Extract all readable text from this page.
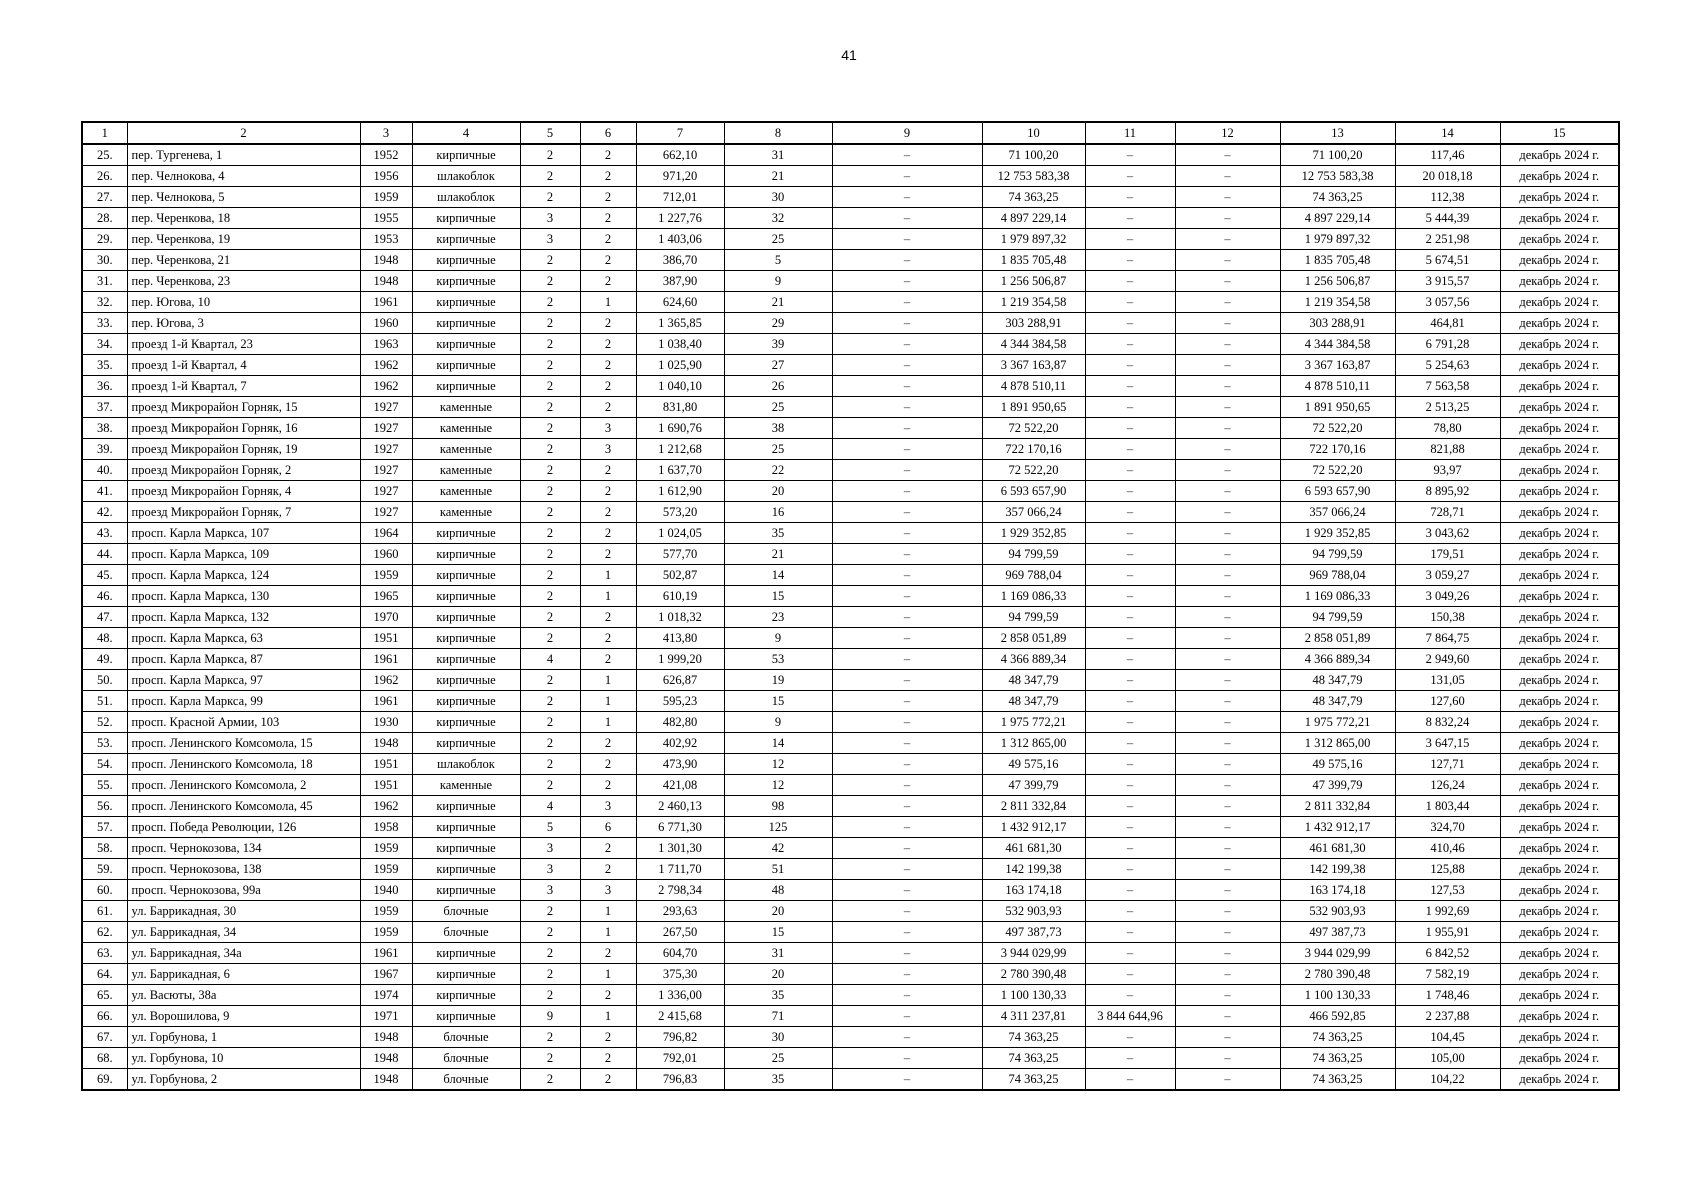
41
1	2	3	4	5	6	7	8	9	10	11	12	13	14	15
25.	пер. Тургенева, 1	1952	кирпичные	2	2	662,10	31	–	71 100,20	–	–	71 100,20	117,46	декабрь 2024 г.
26.	пер. Челнокова, 4	1956	шлакоблок	2	2	971,20	21	–	12 753 583,38	–	–	12 753 583,38	20 018,18	декабрь 2024 г.
27.	пер. Челнокова, 5	1959	шлакоблок	2	2	712,01	30	–	74 363,25	–	–	74 363,25	112,38	декабрь 2024 г.
28.	пер. Черенкова, 18	1955	кирпичные	3	2	1 227,76	32	–	4 897 229,14	–	–	4 897 229,14	5 444,39	декабрь 2024 г.
29.	пер. Черенкова, 19	1953	кирпичные	3	2	1 403,06	25	–	1 979 897,32	–	–	1 979 897,32	2 251,98	декабрь 2024 г.
30.	пер. Черенкова, 21	1948	кирпичные	2	2	386,70	5	–	1 835 705,48	–	–	1 835 705,48	5 674,51	декабрь 2024 г.
31.	пер. Черенкова, 23	1948	кирпичные	2	2	387,90	9	–	1 256 506,87	–	–	1 256 506,87	3 915,57	декабрь 2024 г.
32.	пер. Югова, 10	1961	кирпичные	2	1	624,60	21	–	1 219 354,58	–	–	1 219 354,58	3 057,56	декабрь 2024 г.
33.	пер. Югова, 3	1960	кирпичные	2	2	1 365,85	29	–	303 288,91	–	–	303 288,91	464,81	декабрь 2024 г.
34.	проезд 1-й Квартал, 23	1963	кирпичные	2	2	1 038,40	39	–	4 344 384,58	–	–	4 344 384,58	6 791,28	декабрь 2024 г.
35.	проезд 1-й Квартал, 4	1962	кирпичные	2	2	1 025,90	27	–	3 367 163,87	–	–	3 367 163,87	5 254,63	декабрь 2024 г.
36.	проезд 1-й Квартал, 7	1962	кирпичные	2	2	1 040,10	26	–	4 878 510,11	–	–	4 878 510,11	7 563,58	декабрь 2024 г.
37.	проезд Микрорайон Горняк, 15	1927	каменные	2	2	831,80	25	–	1 891 950,65	–	–	1 891 950,65	2 513,25	декабрь 2024 г.
38.	проезд Микрорайон Горняк, 16	1927	каменные	2	3	1 690,76	38	–	72 522,20	–	–	72 522,20	78,80	декабрь 2024 г.
39.	проезд Микрорайон Горняк, 19	1927	каменные	2	3	1 212,68	25	–	722 170,16	–	–	722 170,16	821,88	декабрь 2024 г.
40.	проезд Микрорайон Горняк, 2	1927	каменные	2	2	1 637,70	22	–	72 522,20	–	–	72 522,20	93,97	декабрь 2024 г.
41.	проезд Микрорайон Горняк, 4	1927	каменные	2	2	1 612,90	20	–	6 593 657,90	–	–	6 593 657,90	8 895,92	декабрь 2024 г.
42.	проезд Микрорайон Горняк, 7	1927	каменные	2	2	573,20	16	–	357 066,24	–	–	357 066,24	728,71	декабрь 2024 г.
43.	просп. Карла Маркса, 107	1964	кирпичные	2	2	1 024,05	35	–	1 929 352,85	–	–	1 929 352,85	3 043,62	декабрь 2024 г.
44.	просп. Карла Маркса, 109	1960	кирпичные	2	2	577,70	21	–	94 799,59	–	–	94 799,59	179,51	декабрь 2024 г.
45.	просп. Карла Маркса, 124	1959	кирпичные	2	1	502,87	14	–	969 788,04	–	–	969 788,04	3 059,27	декабрь 2024 г.
46.	просп. Карла Маркса, 130	1965	кирпичные	2	1	610,19	15	–	1 169 086,33	–	–	1 169 086,33	3 049,26	декабрь 2024 г.
47.	просп. Карла Маркса, 132	1970	кирпичные	2	2	1 018,32	23	–	94 799,59	–	–	94 799,59	150,38	декабрь 2024 г.
48.	просп. Карла Маркса, 63	1951	кирпичные	2	2	413,80	9	–	2 858 051,89	–	–	2 858 051,89	7 864,75	декабрь 2024 г.
49.	просп. Карла Маркса, 87	1961	кирпичные	4	2	1 999,20	53	–	4 366 889,34	–	–	4 366 889,34	2 949,60	декабрь 2024 г.
50.	просп. Карла Маркса, 97	1962	кирпичные	2	1	626,87	19	–	48 347,79	–	–	48 347,79	131,05	декабрь 2024 г.
51.	просп. Карла Маркса, 99	1961	кирпичные	2	1	595,23	15	–	48 347,79	–	–	48 347,79	127,60	декабрь 2024 г.
52.	просп. Красной Армии, 103	1930	кирпичные	2	1	482,80	9	–	1 975 772,21	–	–	1 975 772,21	8 832,24	декабрь 2024 г.
53.	просп. Ленинского Комсомола, 15	1948	кирпичные	2	2	402,92	14	–	1 312 865,00	–	–	1 312 865,00	3 647,15	декабрь 2024 г.
54.	просп. Ленинского Комсомола, 18	1951	шлакоблок	2	2	473,90	12	–	49 575,16	–	–	49 575,16	127,71	декабрь 2024 г.
55.	просп. Ленинского Комсомола, 2	1951	каменные	2	2	421,08	12	–	47 399,79	–	–	47 399,79	126,24	декабрь 2024 г.
56.	просп. Ленинского Комсомола, 45	1962	кирпичные	4	3	2 460,13	98	–	2 811 332,84	–	–	2 811 332,84	1 803,44	декабрь 2024 г.
57.	просп. Победа Революции, 126	1958	кирпичные	5	6	6 771,30	125	–	1 432 912,17	–	–	1 432 912,17	324,70	декабрь 2024 г.
58.	просп. Чернокозова, 134	1959	кирпичные	3	2	1 301,30	42	–	461 681,30	–	–	461 681,30	410,46	декабрь 2024 г.
59.	просп. Чернокозова, 138	1959	кирпичные	3	2	1 711,70	51	–	142 199,38	–	–	142 199,38	125,88	декабрь 2024 г.
60.	просп. Чернокозова, 99а	1940	кирпичные	3	3	2 798,34	48	–	163 174,18	–	–	163 174,18	127,53	декабрь 2024 г.
61.	ул. Баррикадная, 30	1959	блочные	2	1	293,63	20	–	532 903,93	–	–	532 903,93	1 992,69	декабрь 2024 г.
62.	ул. Баррикадная, 34	1959	блочные	2	1	267,50	15	–	497 387,73	–	–	497 387,73	1 955,91	декабрь 2024 г.
63.	ул. Баррикадная, 34а	1961	кирпичные	2	2	604,70	31	–	3 944 029,99	–	–	3 944 029,99	6 842,52	декабрь 2024 г.
64.	ул. Баррикадная, 6	1967	кирпичные	2	1	375,30	20	–	2 780 390,48	–	–	2 780 390,48	7 582,19	декабрь 2024 г.
65.	ул. Васюты, 38а	1974	кирпичные	2	2	1 336,00	35	–	1 100 130,33	–	–	1 100 130,33	1 748,46	декабрь 2024 г.
66.	ул. Ворошилова, 9	1971	кирпичные	9	1	2 415,68	71	–	4 311 237,81	3 844 644,96	–	466 592,85	2 237,88	декабрь 2024 г.
67.	ул. Горбунова, 1	1948	блочные	2	2	796,82	30	–	74 363,25	–	–	74 363,25	104,45	декабрь 2024 г.
68.	ул. Горбунова, 10	1948	блочные	2	2	792,01	25	–	74 363,25	–	–	74 363,25	105,00	декабрь 2024 г.
69.	ул. Горбунова, 2	1948	блочные	2	2	796,83	35	–	74 363,25	–	–	74 363,25	104,22	декабрь 2024 г.
